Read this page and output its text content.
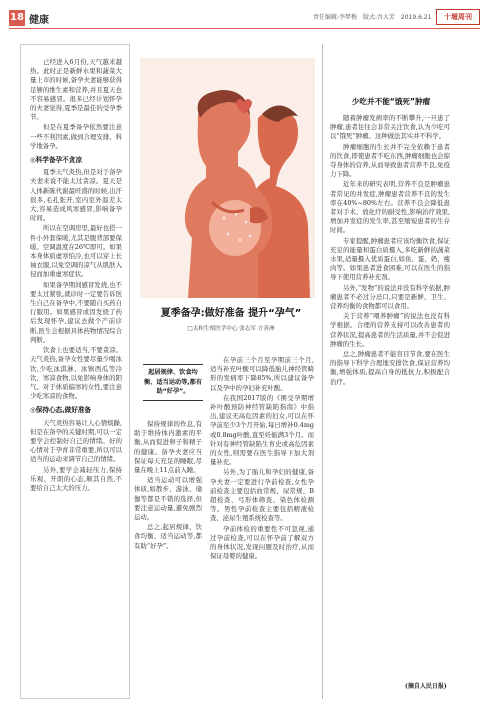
18 健康	责任编辑:李梦梅 版式:吾大芳 2019.6.21	十堰周刊

已经进入6月份,天气越来越热。此时正是新鲜水果和蔬菜大量上市的时候,备孕夫妻能够获得足够的维生素和营养,并且夏天也不容易感冒。很多已经计划怀孕的夫妻觉得,夏季是最佳的受孕季节。

但是在夏季备孕依然要注意一些不利因素,做到合理安排、科学地备孕。

◎科学备孕不贪凉

夏季天气炎热,但是对于备孕夫妻来说不能太过贪凉。夏天是人体新陈代谢最旺盛的时候,出汗很多,毛孔张开,室内室外温差太大,容易造成风寒感冒,影响备孕时间。

所以在空调房里,最好也搭一件小外套保暖,尤其是腹背部要保暖。空调温度在26℃即可。如果本身体质虚寒怕冷,也可以穿上长袖衣服,以免空调的凉气从肌肤入侵而加重虚寒症状。

如果备孕期间感冒发烧,也不要太过紧张,就诊时一定要告诉医生自己在备孕中,不要随自买药自行服用。如果感冒或因发烧了药后发现怀孕,建议去做个产前诊断,医生会根据具体药物情况综合判断。

饮食上也要适当,不要贪凉。天气炎热,备孕女性要尽量少喝冰饮,少吃冰淇淋、冰镇西瓜等冷饮、寒凉食物,以免影响身体的阳气。对于体质偏寒的女性,要注意少吃寒凉的食物。

◎保持心态,做好准备

天气炎热容易让人心情烦躁,但是在备孕的关键时期,可以一定要学会控制好自己的情绪。好的心情对于孕育非常重要,所以可以适当的运动来调节自己的情绪。

另外,要学会减轻压力,保持乐观、开朗的心态,顺其自然,不要给自己太大的压力。

夏季备孕:做好准备 提升“孕气”
□太和生殖医学中心 张志军 方善洲
起居规律、饮食均衡、适当运动等,都有助“好孕”。

保持规律的作息,有助于维持体内激素的平衡,从而促进卵子和精子的健康。备孕夫妻应当保证每天充足的睡眠,尽量在晚上11点前入睡。

适当运动可以增强体质,如散步、游泳、瑜伽等都是不错的选择,但要注意运动量,避免剧烈运动。

总之,起居规律、饮食均衡、适当运动等,都有助“好孕”。

在孕前三个月至孕期前三个月,适当补充叶酸可以降低胎儿神经管畸形的发病率下降85%,所以建议备孕以及孕中的孕妇补充叶酸。

在我国2017版的《围受孕期增补叶酸预防神经管缺陷指南》中指出,建议无高危因素的妇女,可以在怀孕前至少3个月开始,每日增补0.4mg或0.8mg叶酸,直至妊娠满3个月。而针对有神经管缺陷生育史或高危因素的女性,则需要在医生指导下加大剂量补充。

另外,为了胎儿和孕妇的健康,备孕夫妻一定要进行孕前检查,女性孕前检查主要包括血常规、尿常规、B超检查、弓形体筛查、染色体检测等。男性孕前检查主要包括精液检查、泌尿生殖系统检查等。

孕前体检的重要性不可忽视,通过孕前检查,可以在怀孕前了解双方的身体状况,发现问题及时治疗,从而保证母婴的健康。

少吃并不能“饿死”肿瘤

随着肿瘤发病率的不断攀升,一旦患了肿瘤,患者往往会非常关注饮食,认为少吃可以“饿死”肿瘤。这种做法其实并不科学。

肿瘤细胞的生长并不完全依赖于患者的饮食,即使患者不吃东西,肿瘤细胞也会掠夺身体的营养,从而导致患者营养不良,免疫力下降。

近年来的研究表明,营养不良是肿瘤患者常见的并发症,肿瘤患者营养不良的发生率在40%~80%左右。营养不良会降低患者对手术、放化疗的耐受性,影响治疗效果,增加并发症的发生率,甚至缩短患者的生存时间。

专家提醒,肿瘤患者应该均衡饮食,保证充足的能量和蛋白质摄入,多吃新鲜的蔬菜水果,适量摄入优质蛋白,如鱼、蛋、奶、瘦肉等。如果患者进食困难,可以在医生的指导下使用营养补充剂。

另外,“发物”的说法并没有科学依据,肿瘤患者不必过分忌口,只要是新鲜、卫生、营养均衡的食物都可以食用。

关于营养“喂养肿瘤”的说法也没有科学根据。合理的营养支持可以改善患者的营养状况,提高患者的生活质量,并不会促进肿瘤的生长。

总之,肿瘤患者不能盲目节食,要在医生的指导下科学合理地安排饮食,保证营养均衡,增强体质,提高自身的抵抗力,积极配合治疗。

(摘自人民日报)
